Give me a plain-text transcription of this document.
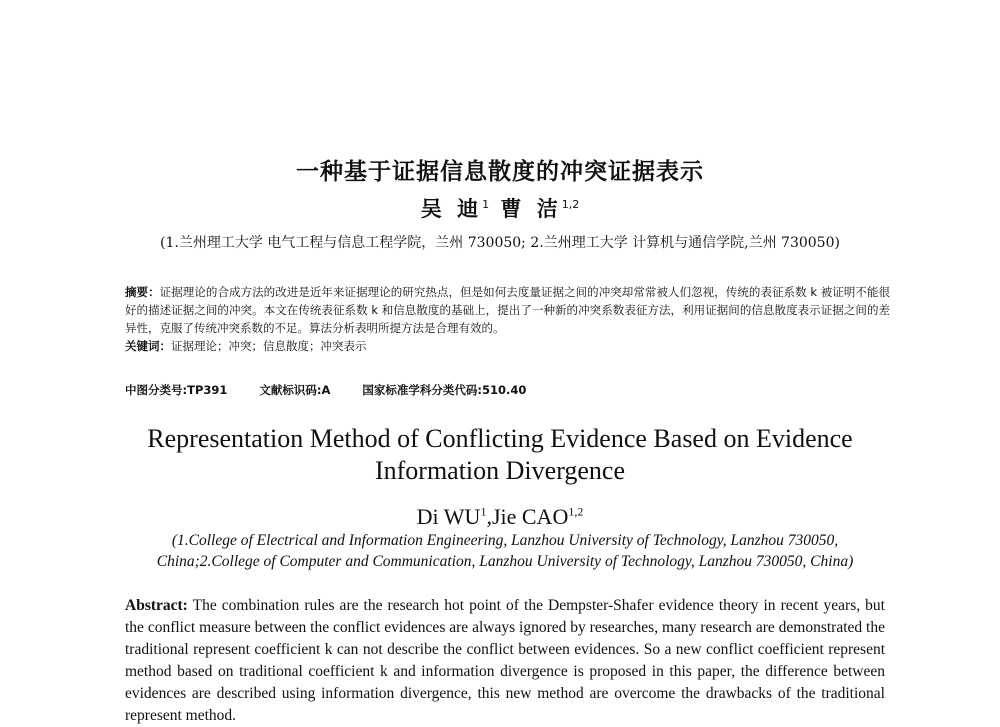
一种基于证据信息散度的冲突证据表示
吴 迪$^1$ 曹 洁$^{1,2}$
(1.兰州理工大学 电气工程与信息工程学院，兰州 730050; 2.兰州理工大学 计算机与通信学院,兰州 730050)
摘要：证据理论的合成方法的改进是近年来证据理论的研究热点，但是如何去度量证据之间的冲突却常常被人们忽视，传统的表征系数 k 被证明不能很好的描述证据之间的冲突。本文在传统表征系数 k 和信息散度的基础上，提出了一种新的冲突系数表征方法，利用证据间的信息散度表示证据之间的差异性，克服了传统冲突系数的不足。算法分析表明所提方法是合理有效的。
关键词：证据理论；冲突；信息散度；冲突表示
中图分类号:TP391	文献标识码:A	国家标准学科分类代码:510.40
Representation Method of Conflicting Evidence Based on Evidence
Information Divergence
Di $WU^1,Jie$ CAO$^{1,2}$
(1.College of Electrical and Information Engineering, Lanzhou University of Technology, Lanzhou 730050,
China;2.College of Computer and Communication, Lanzhou University of Technology, Lanzhou 730050, China)
Abstract: The combination rules are the research hot point of the Dempster-Shafer evidence theory in recent years, but the conflict measure between the conflict evidences are always ignored by researches, many research are demonstrated the traditional represent coefficient k can not describe the conflict between evidences. So a new conflict coefficient represent method based on traditional coefficient k and information divergence is proposed in this paper, the difference between evidences are described using information divergence, this new method are overcome the drawbacks of the traditional represent method.
